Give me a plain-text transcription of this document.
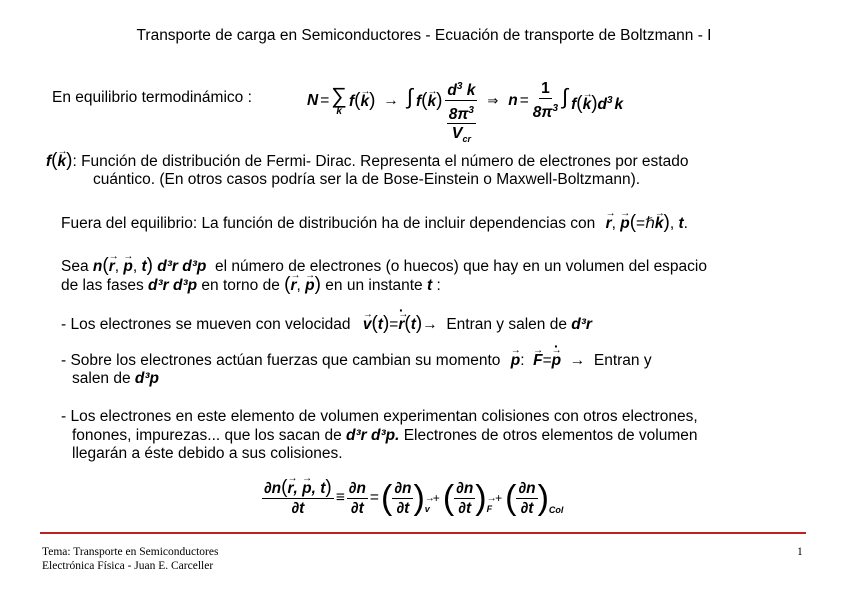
Transporte de carga en Semiconductores - Ecuación de transporte de Boltzmann - I
En equilibrio termodinámico :	N = ∑
k
f(→ k) → ∫ f(→ k) $d^3$ k
$8\pi^3$
$V_{cr}$
⇒ $n = \frac{1}{8\pi^3}$ ∫ $f(\to k)d^3$ k
f(→ k): Función de distribución de Fermi- Dirac. Representa el número de electrones por estado
cuántico. (En otros casos podría ser la de Bose-Einstein o Maxwell-Boltzmann).
Fuera del equilibrio: La función de distribución ha de incluir dependencias con → r, → p(=ℏ→ k), t.
Sea n(→ r, → p, t) d³r d³p el número de electrones (o huecos) que hay en un volumen del espacio
de las fases d³r d³p en torno de (→ r, → p) en un instante t :
- Los electrones se mueven con velocidad → v(t)=→ r ·(t)→ Entran y salen de d³r
- Sobre los electrones actúan fuerzas que cambian su momento → p:  → F=→ p · → Entran y
salen de d³p
- Los electrones en este elemento de volumen experimentan colisiones con otros electrones,
fonones, impurezas... que los sacan de d³r d³p. Electrones de otros elementos de volumen
llegarán a éste debido a sus colisiones.
$\frac{\partial n(\to r, \to p, t)}{\partial t} \equiv \frac{\partial n}{\partial t}$ = ( $\frac{\partial n}{\partial t}$ )
$\to_v$
+ ( $\frac{\partial n}{\partial t}$ )
$\to_F$
+ ( $\frac{\partial n}{\partial t} )_{Col}$
Tema: Transporte en Semiconductores
Electrónica Física - Juan E. Carceller
1
